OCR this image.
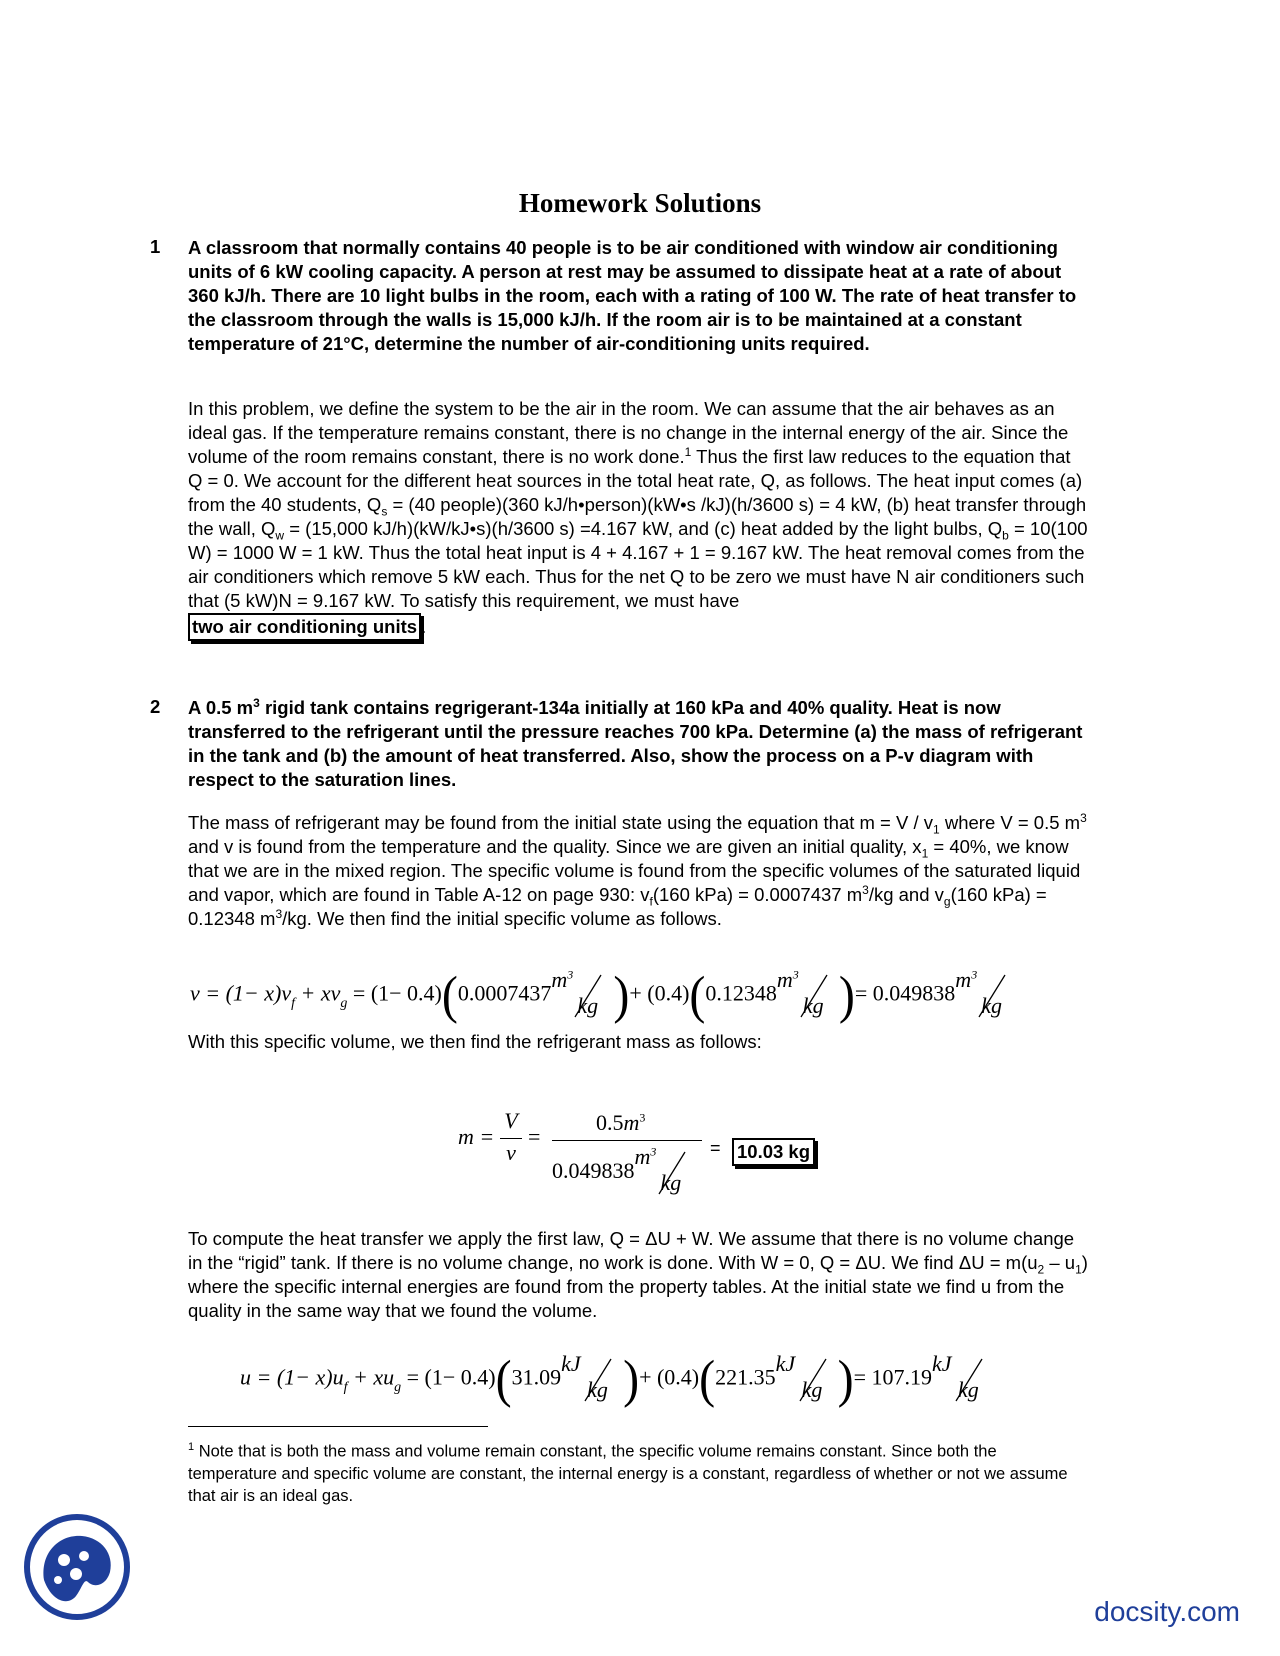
Homework Solutions
1 A classroom that normally contains 40 people is to be air conditioned with window air conditioning units of 6 kW cooling capacity. A person at rest may be assumed to dissipate heat at a rate of about 360 kJ/h. There are 10 light bulbs in the room, each with a rating of 100 W. The rate of heat transfer to the classroom through the walls is 15,000 kJ/h. If the room air is to be maintained at a constant temperature of 21°C, determine the number of air-conditioning units required.
In this problem, we define the system to be the air in the room. We can assume that the air behaves as an ideal gas. If the temperature remains constant, there is no change in the internal energy of the air. Since the volume of the room remains constant, there is no work done.$^1$ Thus the first law reduces to the equation that Q = 0. We account for the different heat sources in the total heat rate, Q, as follows. The heat input comes (a) from the 40 students, $Q_s = (40$ people)(360 kJ/h•person)(kW•s /kJ)(h/3600 s) = 4 kW, (b) heat transfer through the wall, $Q_w = (15,000$ kJ/h)(kW/kJ•s)(h/3600 s) =4.167 kW, and (c) heat added by the light bulbs, $Q_b = 10(100$ W) = 1000 W = 1 kW. Thus the total heat input is 4 + 4.167 + 1 = 9.167 kW. The heat removal comes from the air conditioners which remove 5 kW each. Thus for the net Q to be zero we must have N air conditioners such that (5 kW)N = 9.167 kW. To satisfy this requirement, we must have
two air conditioning units .
2 A 0.5 $m^3$ rigid tank contains regrigerant-134a initially at 160 kPa and 40% quality. Heat is now transferred to the refrigerant until the pressure reaches 700 kPa. Determine (a) the mass of refrigerant in the tank and (b) the amount of heat transferred. Also, show the process on a P-v diagram with respect to the saturation lines.
The mass of refrigerant may be found from the initial state using the equation that $m = V / v_1$ where V = 0.5 $m^3$ and v is found from the temperature and the quality. Since we are given an initial quality, $x_1 = 40\%$, we know that we are in the mixed region. The specific volume is found from the specific volumes of the saturated liquid and vapor, which are found in Table A-12 on page 930: $v_f(160$ kPa) = 0.0007437 $m^3/kg$ and $v_g(160$ kPa) = 0.12348 $m^3/kg$. We then find the initial specific volume as follows.
$v = (1- x)v_f + xv_g = (1- 0.4)(0.0007437$
$m^3$
kg )+ (0.4)(0.12348
$m^3$
kg )= 0.049838
$m^3$
kg
With this specific volume, we then find the refrigerant mass as follows:
m =
V
v
=
$0.5m^3$
0.049838
$m^3$
kg
= 10.03 kg
To compute the heat transfer we apply the first law, Q = ΔU + W. We assume that there is no volume change in the “rigid” tank. If there is no volume change, no work is done. With W = 0, Q = ΔU. We find $\Delta U = m(u_2 - u_1)$ where the specific internal energies are found from the property tables. At the initial state we find u from the quality in the same way that we found the volume.
$u = (1- x)u_f + xu_g = (1- 0.4)(31.09$
kJ
kg )+ (0.4)(221.35
kJ
kg )= 107.19
kJ
kg
$^1$ Note that is both the mass and volume remain constant, the specific volume remains constant. Since both the temperature and specific volume are constant, the internal energy is a constant, regardless of whether or not we assume that air is an ideal gas.
docsity.com
